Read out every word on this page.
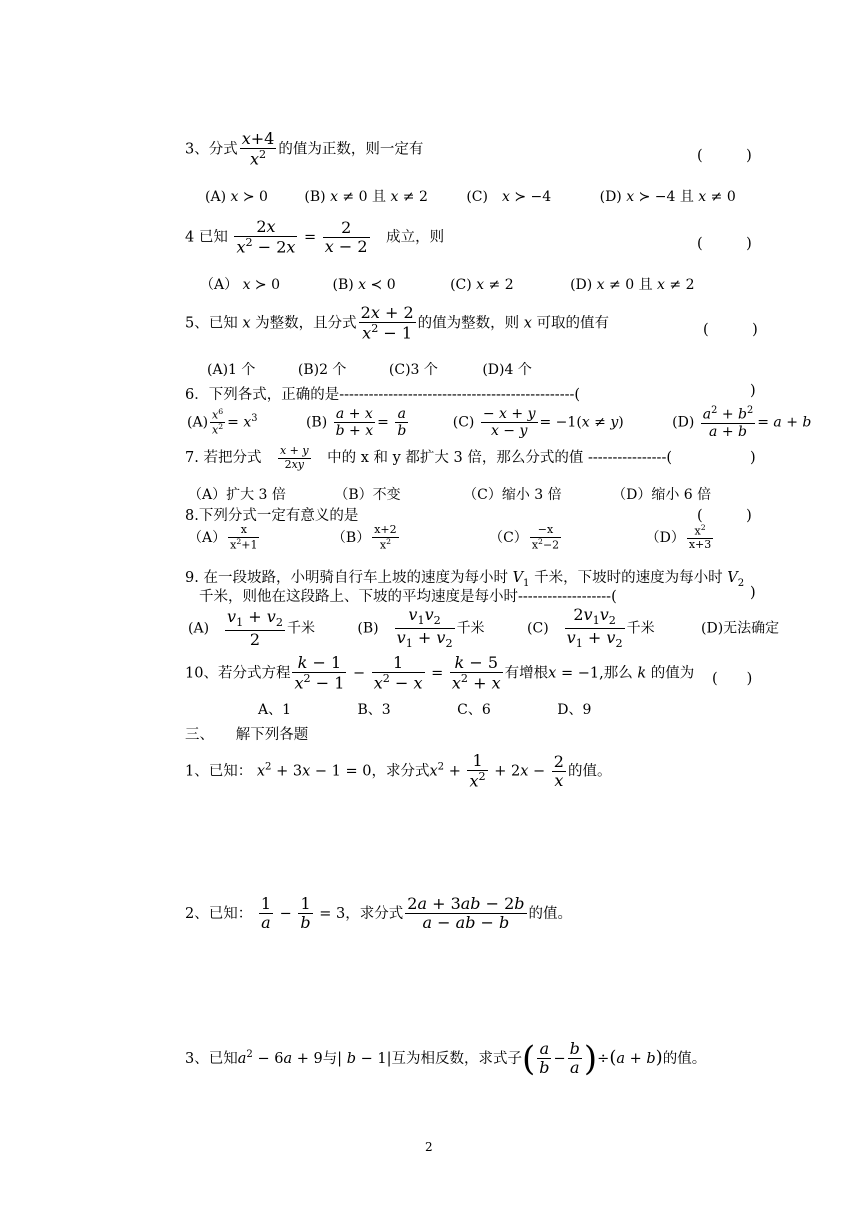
3、分式 $\frac{x+4}{x^2}$ 的值为正数，则一定有	(　　　)
(A) x ≻ 0 (B) x ≠ 0 且 x ≠ 2 (C)　 x ≻ −4	(D) x ≻ −4 且 x ≠ 0
4 已知 $\frac{2x}{x^2 - 2x} = \frac{2}{x - 2}$
　 成立，则	(　　　)
（A） x ≻ 0	(B) x ≺ 0	(C) x ≠ 2	(D) x ≠ 0 且 x ≠ 2
5、已知 x 为整数，且分式 $\frac{2x + 2}{x^2 - 1}$ 的值为整数，则 x 可取的值有	(　　　)
(A)1 个	(B)2 个	(C)3 个	(D)4 个
6．下列各式，正确的是------------------------------------------------(	)
$(A) \frac{x^6}{x^2} = x^3$	$(B) \frac{a + x}{b + x} = \frac{a}{b}$	$(C) \frac{- x + y}{x - y} = -1(x \ne y)$	$(D) \frac{a^2 + b^2}{a + b} = a + b$
7. 若把分式　 $\frac{x + y}{2xy}$
　 中的 x 和 y 都扩大 3 倍，那么分式的值 ----------------(	)
（A）扩大 3 倍	（B）不变	（C）缩小 3 倍	（D）缩小 6 倍
8.下列分式一定有意义的是	(　　　)
$(A) \frac{x}{x^2+1}$	$(B) \frac{x+2}{x^2}$	$(C) \frac{-x}{x^2-2}$	$(D) \frac{x^2}{x+3}$
9. 在一段坡路，小明骑自行车上坡的速度为每小时 $V_1$ 千米，下坡时的速度为每小时 $V_2$
千米，则他在这段路上、下坡的平均速度是每小时-------------------(	)
(A)　 $\frac{v_1 + v_2}{2}$ 千米	(B)　 $\frac{v_1v_2}{v_1 + v_2}$ 千米	(C)　 $\frac{2v_1v_2}{v_1 + v_2}$ 千米	(D)无法确定
10、若分式方程 $\frac{k - 1}{x^2 - 1} - \frac{1}{x^2 - x} = \frac{k - 5}{x^2 + x}$ 有增根x = −1,那么 k 的值为 (　　)
A、1	B、3	C、6	D、9
三、　　解下列各题
1、已知： $x^2 + 3x - 1 = 0$，求分式$x^2 + \frac{1}{x^2} + 2x - \frac{2}{x}$ 的值。
2、已知： $\frac{1}{a} - \frac{1}{b} = 3$，求分式 $\frac{2a + 3ab - 2b}{a - ab - b}$ 的值。
3、已知$a^2 - 6a + 9$与| b − 1|互为相反数，求式子( $\frac{a}{b} - \frac{b}{a} )\div(a + b)$的值。
2
